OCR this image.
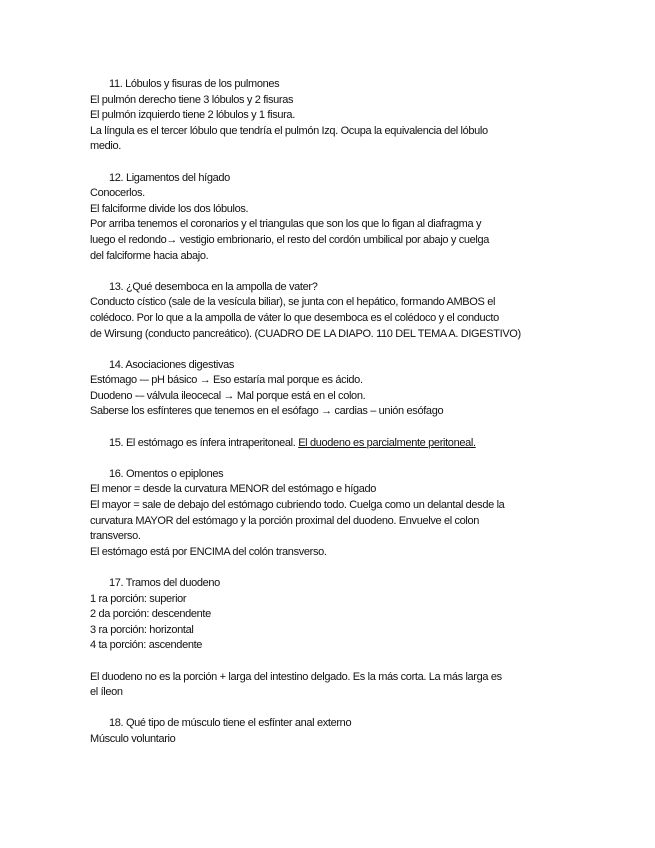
11. Lóbulos y fisuras de los pulmones
El pulmón derecho tiene 3 lóbulos y 2 fisuras
El pulmón izquierdo tiene 2 lóbulos y 1 fisura.
La língula es el tercer lóbulo que tendría el pulmón Izq. Ocupa la equivalencia del lóbulo
medio.
12. Ligamentos del hígado
Conocerlos.
El falciforme divide los dos lóbulos.
Por arriba tenemos el coronarios y el triangulas que son los que lo figan al diafragma y
luego el redondo→ vestigio embrionario, el resto del cordón umbilical por abajo y cuelga
del falciforme hacia abajo.
13. ¿Qué desemboca en la ampolla de vater?
Conducto cístico (sale de la vesícula biliar), se junta con el hepático, formando AMBOS el
colédoco. Por lo que a la ampolla de váter lo que desemboca es el colédoco y el conducto
de Wirsung (conducto pancreático). (CUADRO DE LA DIAPO. 110 DEL TEMA A. DIGESTIVO)
14. Asociaciones digestivas
Estómago -– pH básico → Eso estaría mal porque es ácido.
Duodeno -– válvula ileocecal → Mal porque está en el colon.
Saberse los esfínteres que tenemos en el esófago → cardias – unión esófago
15. El estómago es ínfera intraperitoneal. El duodeno es parcialmente peritoneal.
16. Omentos o epiplones
El menor = desde la curvatura MENOR del estómago e hígado
El mayor = sale de debajo del estómago cubriendo todo. Cuelga como un delantal desde la
curvatura MAYOR del estómago y la porción proximal del duodeno. Envuelve el colon
transverso.
El estómago está por ENCIMA del colón transverso.
17. Tramos del duodeno
1 ra porción: superior
2 da porción: descendente
3 ra porción: horizontal
4 ta porción: ascendente
El duodeno no es la porción + larga del intestino delgado. Es la más corta. La más larga es
el íleon
18. Qué tipo de músculo tiene el esfínter anal externo
Músculo voluntario
